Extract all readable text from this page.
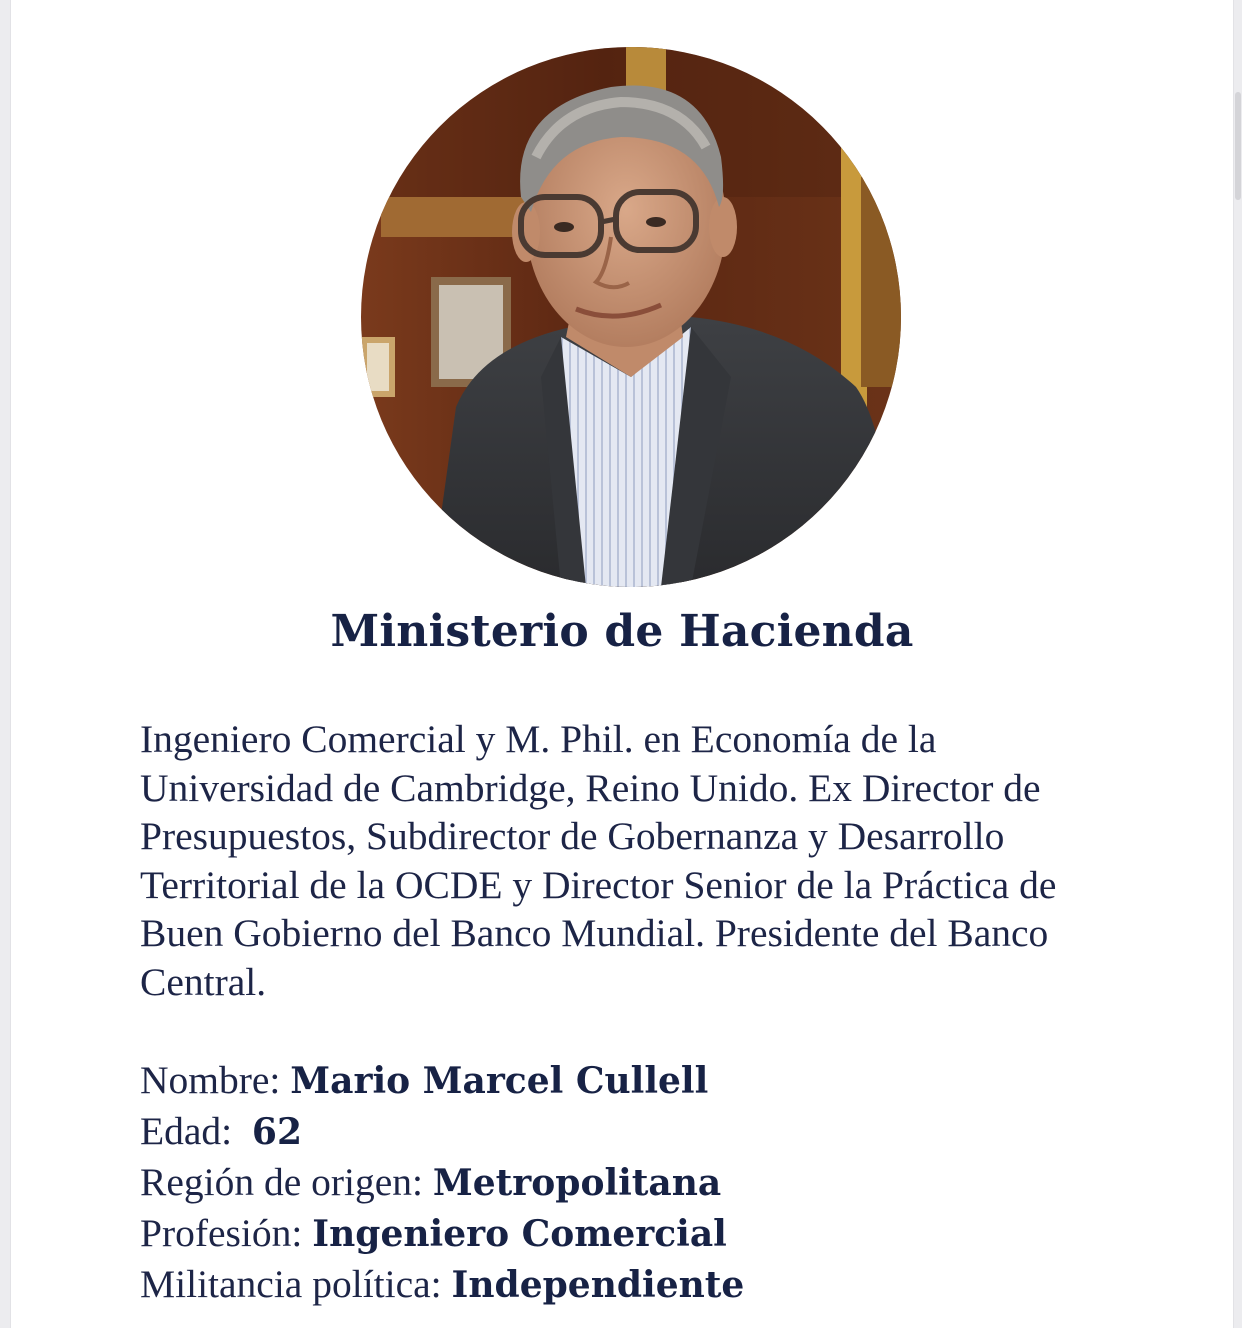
Ministerio de Hacienda

Ingeniero Comercial y M. Phil. en Economía de la Universidad de Cambridge, Reino Unido. Ex Director de Presupuestos, Subdirector de Gobernanza y Desarrollo Territorial de la OCDE y Director Senior de la Práctica de Buen Gobierno del Banco Mundial. Presidente del Banco Central.

Nombre: Mario Marcel Cullell
Edad:  62
Región de origen: Metropolitana
Profesión: Ingeniero Comercial
Militancia política: Independiente
